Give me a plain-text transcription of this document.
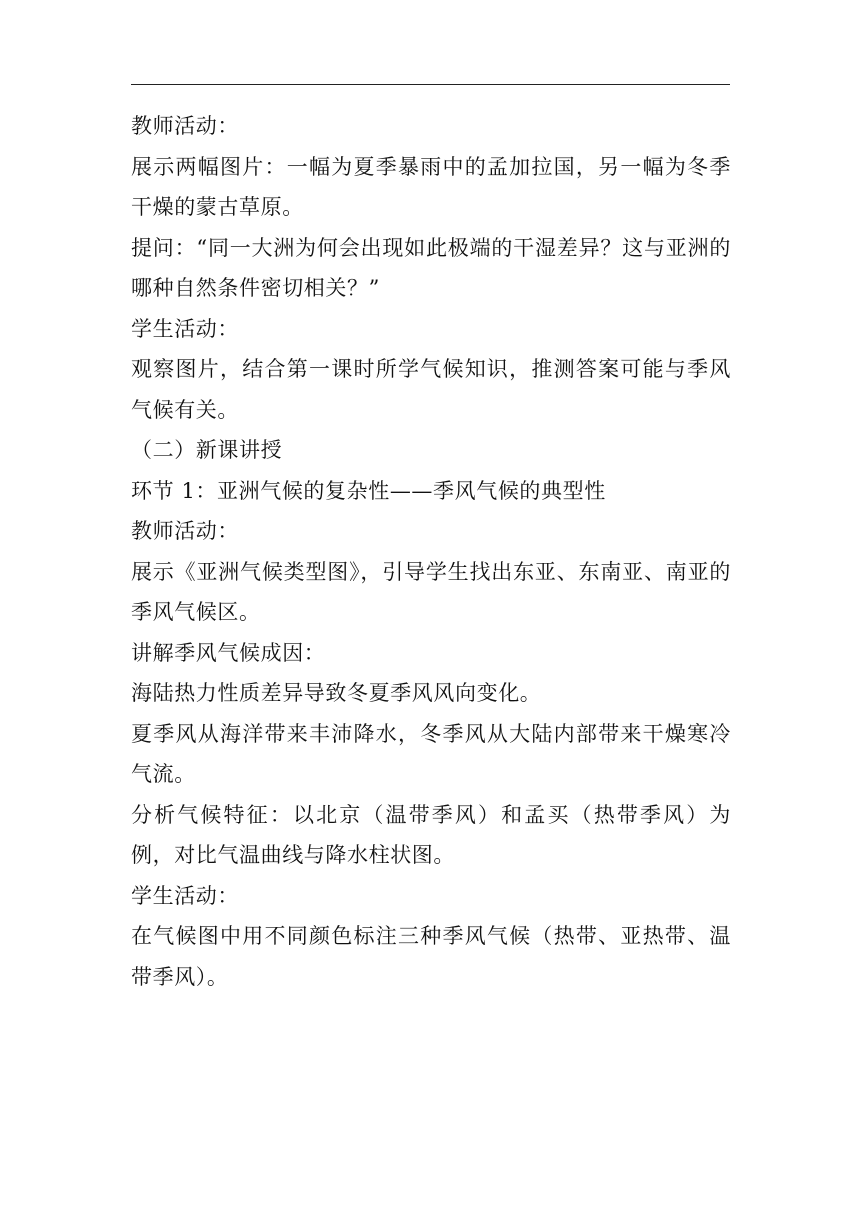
教师活动：

展示两幅图片：一幅为夏季暴雨中的孟加拉国，另一幅为冬季干燥的蒙古草原。

提问：“同一大洲为何会出现如此极端的干湿差异？这与亚洲的哪种自然条件密切相关？”

学生活动：

观察图片，结合第一课时所学气候知识，推测答案可能与季风气候有关。

（二）新课讲授

环节 1：亚洲气候的复杂性——季风气候的典型性

教师活动：

展示《亚洲气候类型图》，引导学生找出东亚、东南亚、南亚的季风气候区。

讲解季风气候成因：

海陆热力性质差异导致冬夏季风风向变化。

夏季风从海洋带来丰沛降水，冬季风从大陆内部带来干燥寒冷气流。

分析气候特征：以北京（温带季风）和孟买（热带季风）为例，对比气温曲线与降水柱状图。

学生活动：

在气候图中用不同颜色标注三种季风气候（热带、亚热带、温带季风）。
